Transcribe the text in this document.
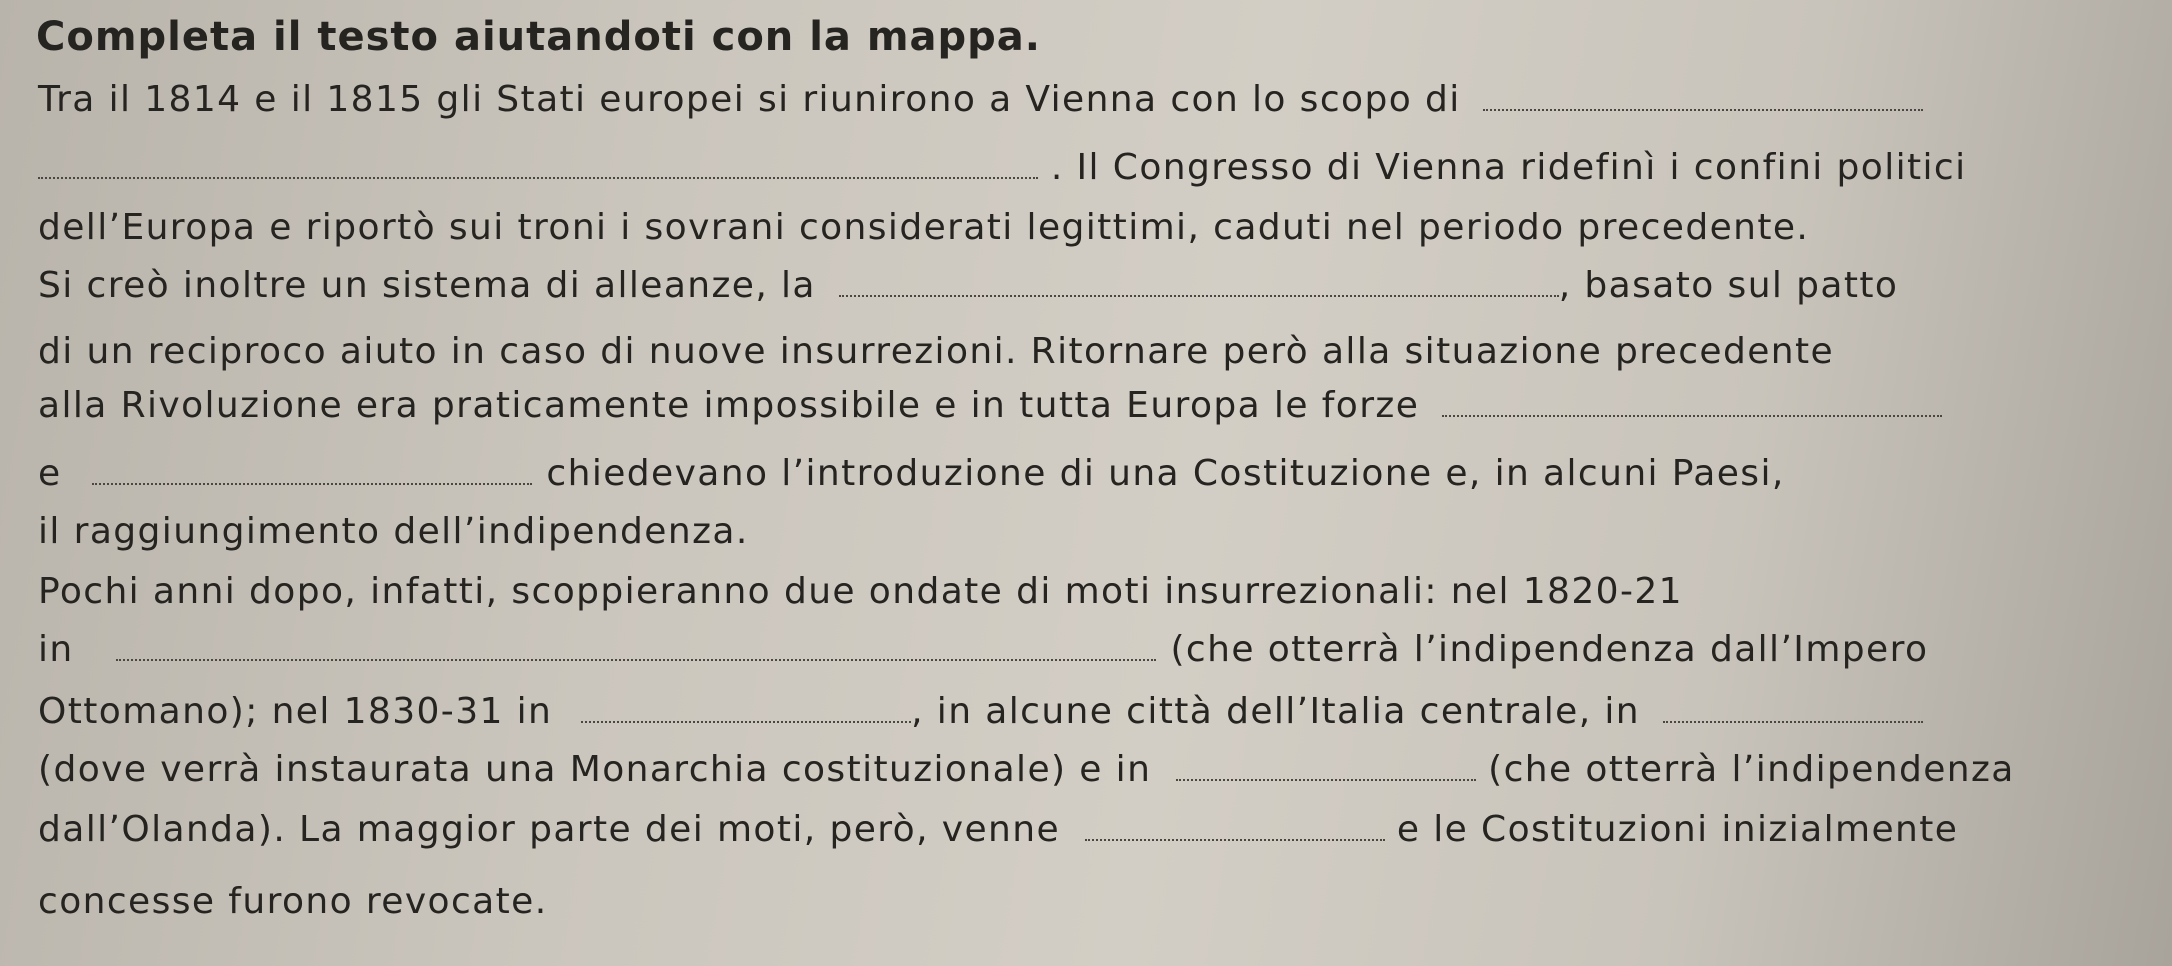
Completa il testo aiutandoti con la mappa.
Tra il 1814 e il 1815 gli Stati europei si riunirono a Vienna con lo scopo di
. Il Congresso di Vienna ridefinì i confini politici
dell’Europa e riportò sui troni i sovrani considerati legittimi, caduti nel periodo precedente.
Si creò inoltre un sistema di alleanze, la	, basato sul patto
di un reciproco aiuto in caso di nuove insurrezioni. Ritornare però alla situazione precedente
alla Rivoluzione era praticamente impossibile e in tutta Europa le forze
e	chiedevano l’introduzione di una Costituzione e, in alcuni Paesi,
il raggiungimento dell’indipendenza.
Pochi anni dopo, infatti, scoppieranno due ondate di moti insurrezionali: nel 1820-21
in	(che otterrà l’indipendenza dall’Impero
Ottomano); nel 1830-31 in	, in alcune città dell’Italia centrale, in
(dove verrà instaurata una Monarchia costituzionale) e in	(che otterrà l’indipendenza
dall’Olanda). La maggior parte dei moti, però, venne	e le Costituzioni inizialmente
concesse furono revocate.
